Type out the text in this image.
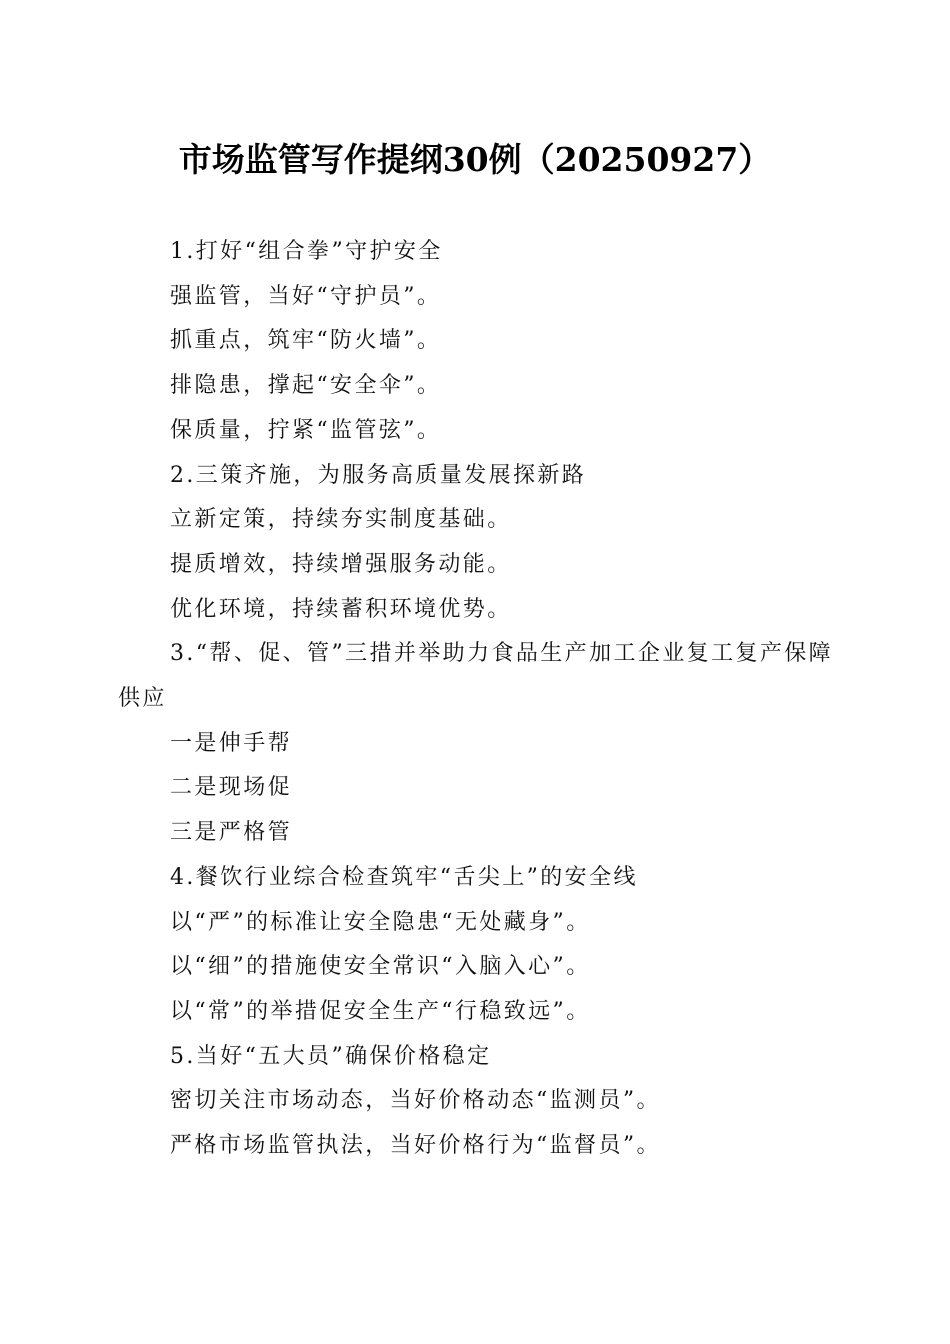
市场监管写作提纲30例（20250927）

1.打好“组合拳”守护安全

强监管，当好“守护员”。

抓重点，筑牢“防火墙”。

排隐患，撑起“安全伞”。

保质量，拧紧“监管弦”。

2.三策齐施，为服务高质量发展探新路

立新定策，持续夯实制度基础。

提质增效，持续增强服务动能。

优化环境，持续蓄积环境优势。

3.“帮、促、管”三措并举助力食品生产加工企业复工复产保障供应

一是伸手帮

二是现场促

三是严格管

4.餐饮行业综合检查筑牢“舌尖上”的安全线

以“严”的标准让安全隐患“无处藏身”。

以“细”的措施使安全常识“入脑入心”。

以“常”的举措促安全生产“行稳致远”。

5.当好“五大员”确保价格稳定

密切关注市场动态，当好价格动态“监测员”。

严格市场监管执法，当好价格行为“监督员”。
